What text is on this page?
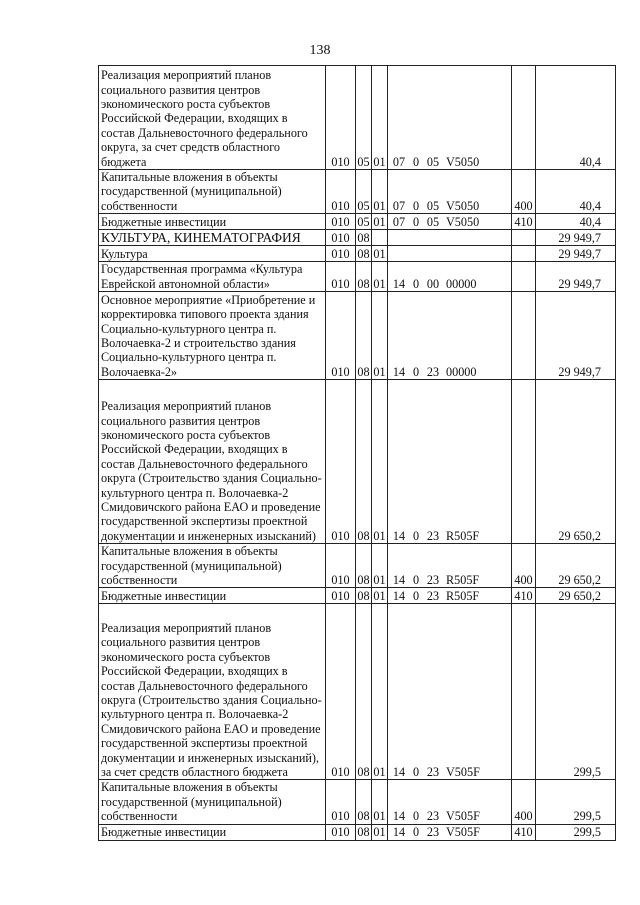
138
Реализация мероприятий планов социального развития центров экономического роста субъектов Российской Федерации, входящих в состав Дальневосточного федерального округа, за счет средств областного бюджета	010	05	01	07 0 05 V5050		40,4
Капитальные вложения в объекты государственной (муниципальной) собственности	010	05	01	07 0 05 V5050	400	40,4
Бюджетные инвестиции	010	05	01	07 0 05 V5050	410	40,4
КУЛЬТУРА, КИНЕМАТОГРАФИЯ	010	08				29 949,7
Культура	010	08	01			29 949,7
Государственная программа «Культура Еврейской автономной области»	010	08	01	14 0 00 00000		29 949,7
Основное мероприятие «Приобретение и корректировка типового проекта здания Социально-культурного центра п. Волочаевка-2 и строительство здания Социально-культурного центра п. Волочаевка-2»	010	08	01	14 0 23 00000		29 949,7
Реализация мероприятий планов социального развития центров экономического роста субъектов Российской Федерации, входящих в состав Дальневосточного федерального округа (Строительство здания Социально-культурного центра п. Волочаевка-2 Смидовичского района ЕАО и проведение государственной экспертизы проектной документации и инженерных изысканий)	010	08	01	14 0 23 R505F		29 650,2
Капитальные вложения в объекты государственной (муниципальной) собственности	010	08	01	14 0 23 R505F	400	29 650,2
Бюджетные инвестиции	010	08	01	14 0 23 R505F	410	29 650,2
Реализация мероприятий планов социального развития центров экономического роста субъектов Российской Федерации, входящих в состав Дальневосточного федерального округа (Строительство здания Социально-культурного центра п. Волочаевка-2 Смидовичского района ЕАО и проведение государственной экспертизы проектной документации и инженерных изысканий), за счет средств областного бюджета	010	08	01	14 0 23 V505F		299,5
Капитальные вложения в объекты государственной (муниципальной) собственности	010	08	01	14 0 23 V505F	400	299,5
Бюджетные инвестиции	010	08	01	14 0 23 V505F	410	299,5
